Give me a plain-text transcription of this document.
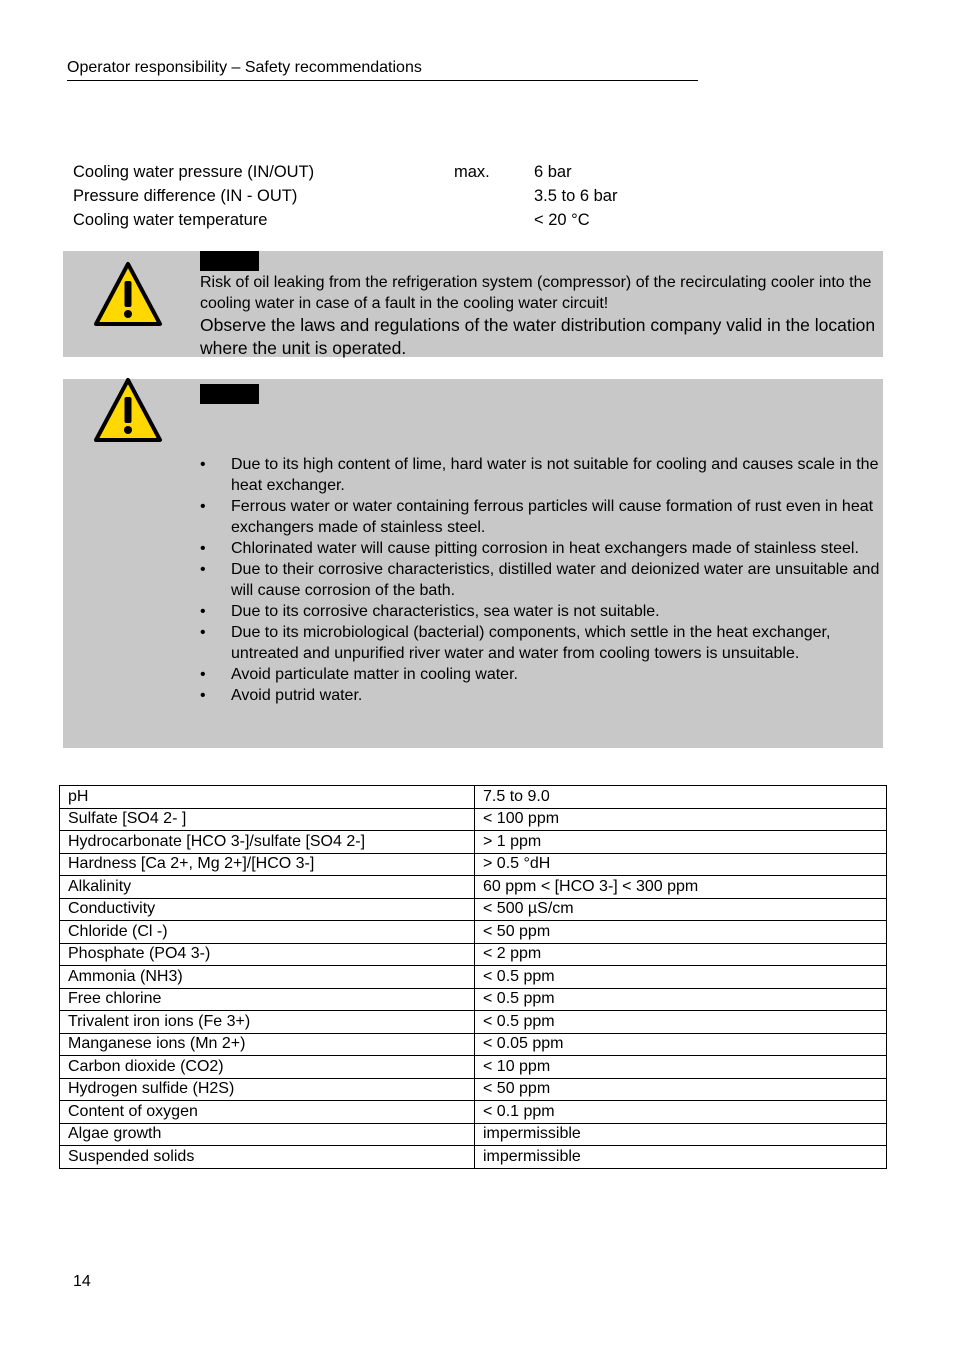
Operator responsibility – Safety recommendations
Cooling water pressure (IN/OUT)	max.	6 bar
Pressure difference (IN - OUT)	3.5 to 6 bar
Cooling water temperature	< 20 °C
Risk of oil leaking from the refrigeration system (compressor) of the recirculating cooler into the cooling water in case of a fault in the cooling water circuit!
Observe the laws and regulations of the water distribution company valid in the location where the unit is operated.
• Due to its high content of lime, hard water is not suitable for cooling and causes scale in the heat exchanger.
• Ferrous water or water containing ferrous particles will cause formation of rust even in heat exchangers made of stainless steel.
• Chlorinated water will cause pitting corrosion in heat exchangers made of stainless steel.
• Due to their corrosive characteristics, distilled water and deionized water are unsuitable and will cause corrosion of the bath.
• Due to its corrosive characteristics, sea water is not suitable.
• Due to its microbiological (bacterial) components, which settle in the heat exchanger, untreated and unpurified river water and water from cooling towers is unsuitable.
• Avoid particulate matter in cooling water.
• Avoid putrid water.
pH	7.5 to 9.0
Sulfate [SO4 2- ]	< 100 ppm
Hydrocarbonate [HCO 3-]/sulfate [SO4 2-]	> 1 ppm
Hardness [Ca 2+, Mg 2+]/[HCO 3-]	> 0.5 °dH
Alkalinity	60 ppm < [HCO 3-] < 300 ppm
Conductivity	< 500 µS/cm
Chloride (Cl -)	< 50 ppm
Phosphate (PO4 3-)	< 2 ppm
Ammonia (NH3)	< 0.5 ppm
Free chlorine	< 0.5 ppm
Trivalent iron ions (Fe 3+)	< 0.5 ppm
Manganese ions (Mn 2+)	< 0.05 ppm
Carbon dioxide (CO2)	< 10 ppm
Hydrogen sulfide (H2S)	< 50 ppm
Content of oxygen	< 0.1 ppm
Algae growth	impermissible
Suspended solids	impermissible
14
